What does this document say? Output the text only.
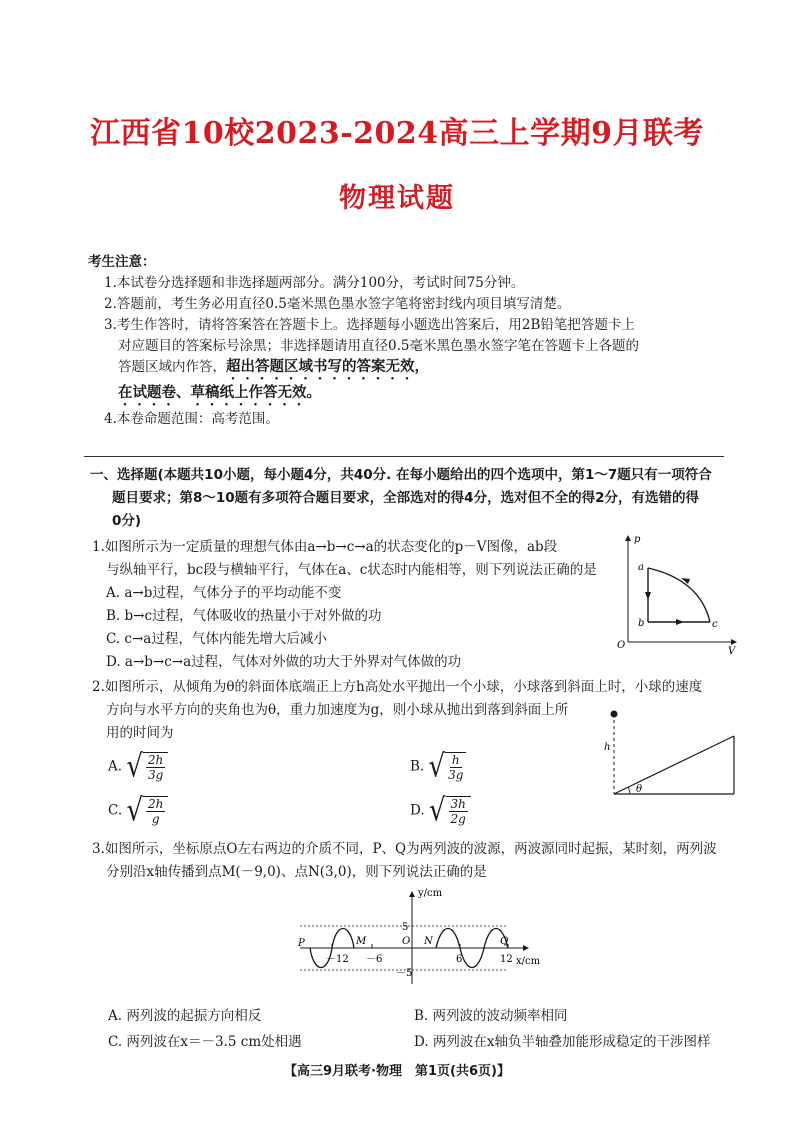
江西省10校2023-2024高三上学期9月联考
物理试题
考生注意：
1.本试卷分选择题和非选择题两部分。满分100分，考试时间75分钟。
2.答题前，考生务必用直径0.5毫米黑色墨水签字笔将密封线内项目填写清楚。
3.考生作答时，请将答案答在答题卡上。选择题每小题选出答案后，用2B铅笔把答题卡上对应题目的答案标号涂黑；非选择题请用直径0.5毫米黑色墨水签字笔在答题卡上各题的答题区域内作答，超出答题区域书写的答案无效，
在试题卷、草稿纸上作答无效。
4.本卷命题范围：高考范围。
一、选择题(本题共10小题，每小题4分，共40分. 在每小题给出的四个选项中，第1～7题只有一项符合
题目要求；第8～10题有多项符合题目要求，全部选对的得4分，选对但不全的得2分，有选错的得
0分)
1.如图所示为一定质量的理想气体由a→b→c→a的状态变化的p－V图像，ab段
与纵轴平行，bc段与横轴平行，气体在a、c状态时内能相等，则下列说法正确的是
A. a→b过程，气体分子的平均动能不变
B. b→c过程，气体吸收的热量小于对外做的功
C. c→a过程，气体内能先增大后减小
D. a→b→c→a过程，气体对外做的功大于外界对气体做的功
p
V
O
a
b	c
2.如图所示，从倾角为θ的斜面体底端正上方h高处水平抛出一个小球，小球落到斜面上时，小球的速度
方向与水平方向的夹角也为θ，重力加速度为g，则小球从抛出到落到斜面上所
用的时间为
A. √ $\frac{2h}{3g}$	B. √ $\frac{h}{3g}$
C. √ $\frac{2h}{g}$	D. √ $\frac{3h}{2g}$
h
θ
3.如图所示，坐标原点O左右两边的介质不同，P、Q为两列波的波源，两波源同时起振，某时刻，两列波
分别沿x轴传播到点M(－9,0)、点N(3,0)，则下列说法正确的是
y/cm
x/cm
5
－5
P	M	O N	Q
－12 －6	6	12
A. 两列波的起振方向相反	B. 两列波的波动频率相同
C. 两列波在x＝－3.5 cm处相遇	D. 两列波在x轴负半轴叠加能形成稳定的干涉图样
【高三9月联考·物理　第1页(共6页)】
